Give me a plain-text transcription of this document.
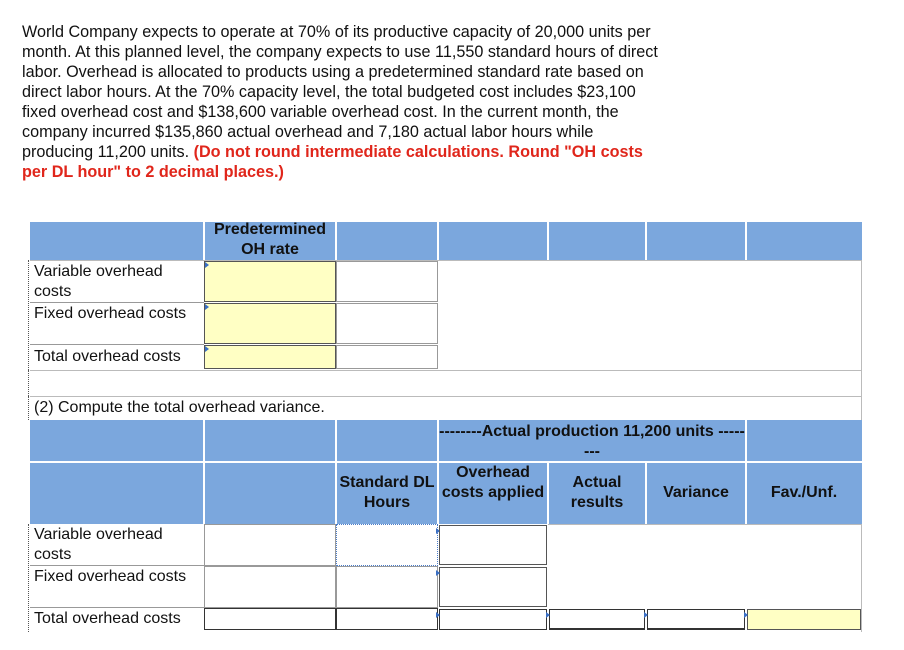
World Company expects to operate at 70% of its productive capacity of 20,000 units per month. At this planned level, the company expects to use 11,550 standard hours of direct labor. Overhead is allocated to products using a predetermined standard rate based on direct labor hours. At the 70% capacity level, the total budgeted cost includes $23,100 fixed overhead cost and $138,600 variable overhead cost. In the current month, the company incurred $135,860 actual overhead and 7,180 actual labor hours while producing 11,200 units. (Do not round intermediate calculations. Round "OH costs per DL hour" to 2 decimal places.)
Predetermined OH rate
Variable overhead costs
Fixed overhead costs
Total overhead costs
(2) Compute the total overhead variance.
--------Actual production 11,200 units --------
Standard DL Hours
Overhead costs applied
Actual results
Variance	Fav./Unf.
Variable overhead costs
Fixed overhead costs
Total overhead costs
